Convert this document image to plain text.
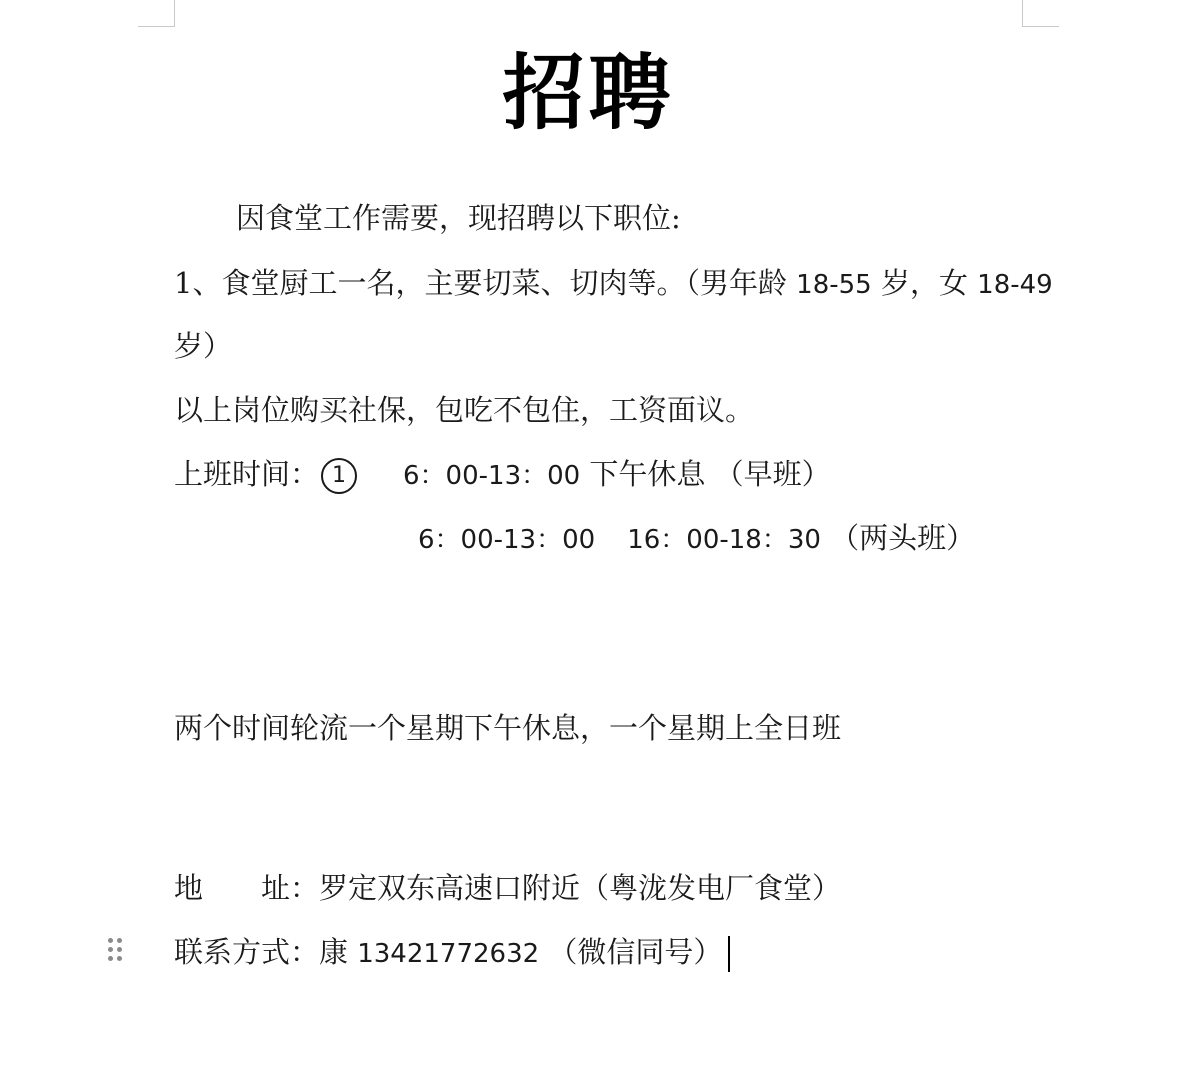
招聘
因食堂工作需要，现招聘以下职位:
1、食堂厨工一名，主要切菜、切肉等。（男年龄 18-55 岁，女 18-49
岁）
以上岗位购买社保，包吃不包住，工资面议。
上班时间： 1 6：00-13：00 下午休息 （早班）
6：00-13：00 16：00-18：30 （两头班）
两个时间轮流一个星期下午休息，一个星期上全日班
地　　址：罗定双东高速口附近（粤泷发电厂食堂）
联系方式：康 13421772632 （微信同号）
